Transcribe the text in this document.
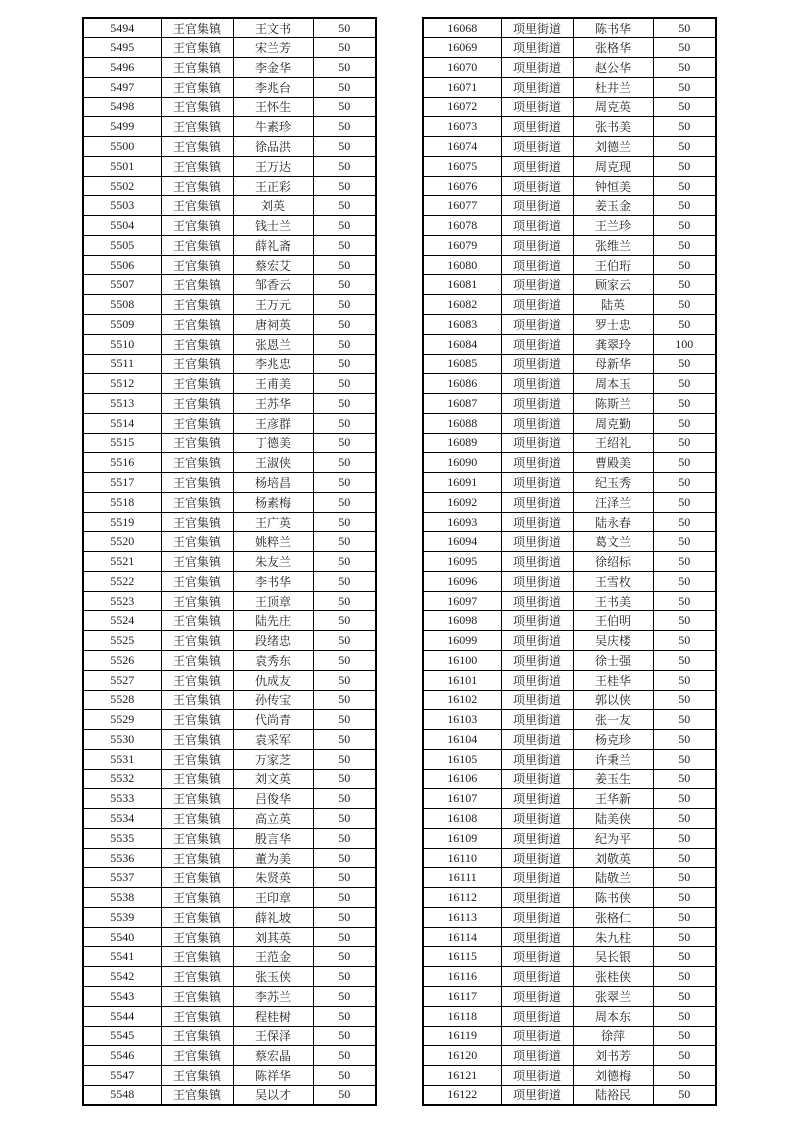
5494	王官集镇	王文书	50
5495	王官集镇	宋兰芳	50
5496	王官集镇	李金华	50
5497	王官集镇	李兆台	50
5498	王官集镇	王怀生	50
5499	王官集镇	牛素珍	50
5500	王官集镇	徐品洪	50
5501	王官集镇	王万达	50
5502	王官集镇	王正彩	50
5503	王官集镇	刘英	50
5504	王官集镇	钱士兰	50
5505	王官集镇	薛礼斋	50
5506	王官集镇	蔡宏艾	50
5507	王官集镇	邹香云	50
5508	王官集镇	王万元	50
5509	王官集镇	唐祠英	50
5510	王官集镇	张恩兰	50
5511	王官集镇	李兆忠	50
5512	王官集镇	王甫美	50
5513	王官集镇	王苏华	50
5514	王官集镇	王彦群	50
5515	王官集镇	丁德美	50
5516	王官集镇	王淑侠	50
5517	王官集镇	杨培昌	50
5518	王官集镇	杨素梅	50
5519	王官集镇	王广英	50
5520	王官集镇	姚粹兰	50
5521	王官集镇	朱友兰	50
5522	王官集镇	李书华	50
5523	王官集镇	王顶章	50
5524	王官集镇	陆先庄	50
5525	王官集镇	段绪忠	50
5526	王官集镇	袁秀东	50
5527	王官集镇	仇成友	50
5528	王官集镇	孙传宝	50
5529	王官集镇	代尚青	50
5530	王官集镇	袁采军	50
5531	王官集镇	万家芝	50
5532	王官集镇	刘文英	50
5533	王官集镇	吕俊华	50
5534	王官集镇	高立英	50
5535	王官集镇	殷言华	50
5536	王官集镇	董为美	50
5537	王官集镇	朱贤英	50
5538	王官集镇	王印章	50
5539	王官集镇	薛礼坡	50
5540	王官集镇	刘其英	50
5541	王官集镇	王范金	50
5542	王官集镇	张玉侠	50
5543	王官集镇	李苏兰	50
5544	王官集镇	程桂树	50
5545	王官集镇	王保泽	50
5546	王官集镇	蔡宏晶	50
5547	王官集镇	陈祥华	50
5548	王官集镇	吴以才	50
16068	项里街道	陈书华	50
16069	项里街道	张格华	50
16070	项里街道	赵公华	50
16071	项里街道	杜井兰	50
16072	项里街道	周克英	50
16073	项里街道	张书美	50
16074	项里街道	刘德兰	50
16075	项里街道	周克现	50
16076	项里街道	钟恒美	50
16077	项里街道	姜玉金	50
16078	项里街道	王兰珍	50
16079	项里街道	张维兰	50
16080	项里街道	王伯珩	50
16081	项里街道	顾家云	50
16082	项里街道	陆英	50
16083	项里街道	罗士忠	50
16084	项里街道	龚翠玲	100
16085	项里街道	母新华	50
16086	项里街道	周本玉	50
16087	项里街道	陈斯兰	50
16088	项里街道	周克勤	50
16089	项里街道	王绍礼	50
16090	项里街道	曹殿美	50
16091	项里街道	纪玉秀	50
16092	项里街道	汪泽兰	50
16093	项里街道	陆永春	50
16094	项里街道	葛文兰	50
16095	项里街道	徐绍标	50
16096	项里街道	王雪枚	50
16097	项里街道	王书美	50
16098	项里街道	王伯明	50
16099	项里街道	吴庆楼	50
16100	项里街道	徐士强	50
16101	项里街道	王桂华	50
16102	项里街道	郭以侠	50
16103	项里街道	张一友	50
16104	项里街道	杨克珍	50
16105	项里街道	许秉兰	50
16106	项里街道	姜玉生	50
16107	项里街道	王华新	50
16108	项里街道	陆美侠	50
16109	项里街道	纪为平	50
16110	项里街道	刘敬英	50
16111	项里街道	陆敬兰	50
16112	项里街道	陈书侠	50
16113	项里街道	张格仁	50
16114	项里街道	朱九柱	50
16115	项里街道	吴长银	50
16116	项里街道	张桂侠	50
16117	项里街道	张翠兰	50
16118	项里街道	周本东	50
16119	项里街道	徐萍	50
16120	项里街道	刘书芳	50
16121	项里街道	刘德梅	50
16122	项里街道	陆裕民	50
